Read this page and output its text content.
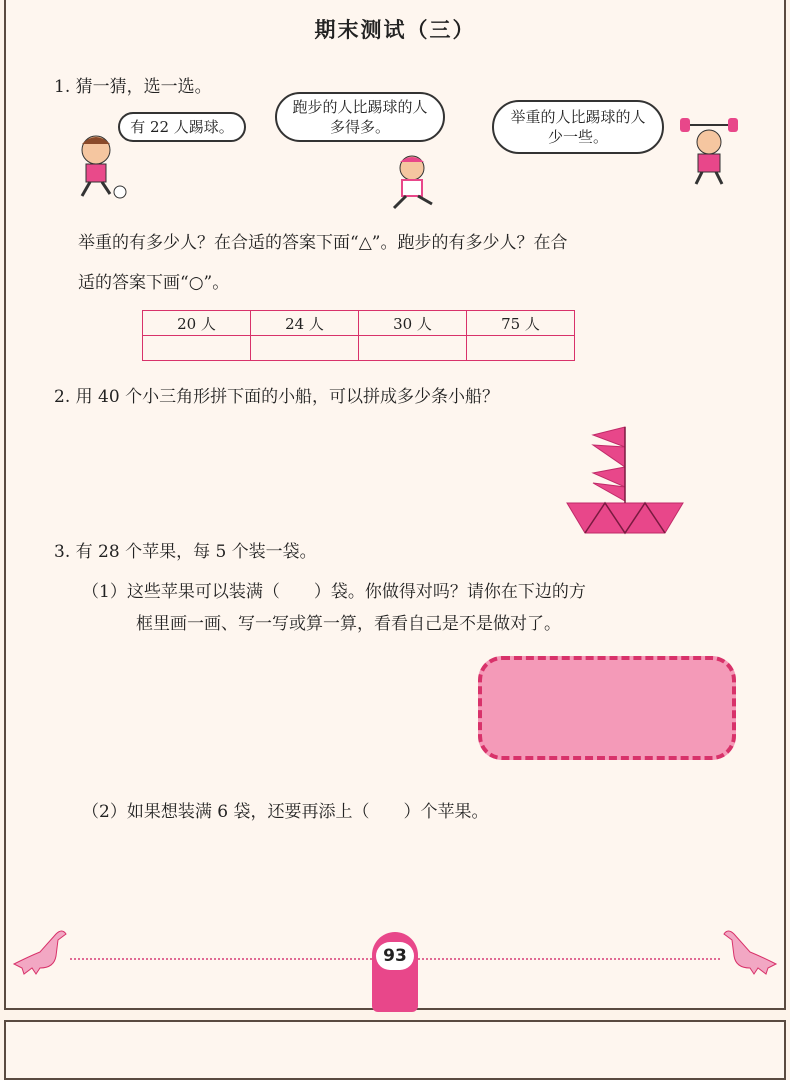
期末测试（三）
1. 猜一猜，选一选。
有 22 人踢球。
跑步的人比踢球的人多得多。
举重的人比踢球的人少一些。
举重的有多少人？在合适的答案下面“△”。跑步的有多少人？在合
适的答案下画“○”。
20 人	24 人	30 人	75 人

2. 用 40 个小三角形拼下面的小船，可以拼成多少条小船？
3. 有 28 个苹果，每 5 个装一袋。
（1）这些苹果可以装满（　　）袋。你做得对吗？请你在下边的方
框里画一画、写一写或算一算，看看自己是不是做对了。
（2）如果想装满 6 袋，还要再添上（　　）个苹果。
93
